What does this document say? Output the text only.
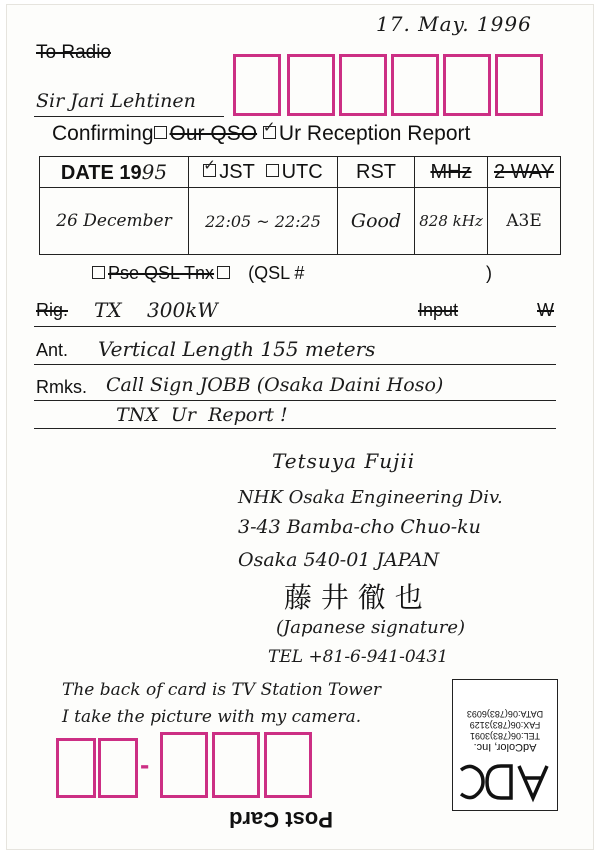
17. May. 1996
To Radio
Sir Jari Lehtinen
Confirming Our QSO ✓ Ur Reception Report
DATE 1995	✓JST UTC	RST	MHz	2 WAY
26 December	22:05 ~ 22:25	Good	828 kHz	A3E
Pse QSL Tnx (QSL #	)
Rig. TX    300kW	Input	W
Ant. Vertical Length 155 meters
Rmks. Call Sign JOBB (Osaka Daini Hoso)
TNX  Ur  Report !
Tetsuya Fujii
NHK Osaka Engineering Div.
3-43 Bamba-cho Chuo-ku
Osaka 540-01 JAPAN
藤 井 徹 也
(Japanese signature)
TEL +81-6-941-0431
The back of card is TV Station Tower
I take the picture with my camera.
AdColor, Inc.
TEL:06(783)3091
FAX:06(783)3129
DATA:06(783)6093
-
Post Card
